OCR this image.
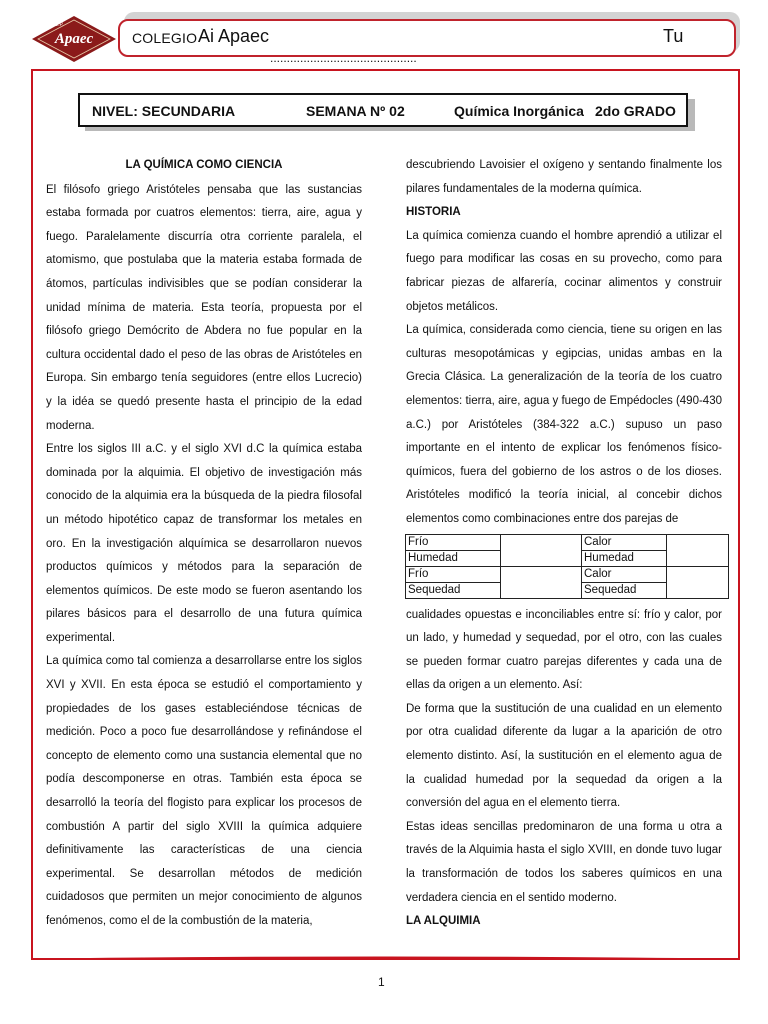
Apaec
I.E.P.
COLEGIO Ai Apaec
............................................
Tu
NIVEL: SECUNDARIA	SEMANA Nº 02	Química Inorgánica 2do GRADO

LA QUÍMICA COMO CIENCIA

El filósofo griego Aristóteles pensaba que las sustancias estaba formada por cuatros elementos: tierra, aire, agua y fuego. Paralelamente discurría otra corriente paralela, el atomismo, que postulaba que la materia estaba formada de átomos, partículas indivisibles que se podían considerar la unidad mínima de materia. Esta teoría, propuesta por el filósofo griego Demócrito de Abdera no fue popular en la cultura occidental dado el peso de las obras de Aristóteles en Europa. Sin embargo tenía seguidores (entre ellos Lucrecio) y la idéa se quedó presente hasta el principio de la edad moderna.

Entre los siglos III a.C. y el siglo XVI d.C la química estaba dominada por la alquimia. El objetivo de investigación más conocido de la alquimia era la búsqueda de la piedra filosofal un método hipotético capaz de transformar los metales en oro. En la investigación alquímica se desarrollaron nuevos productos químicos y métodos para la separación de elementos químicos. De este modo se fueron asentando los pilares básicos para el desarrollo de una futura química experimental.

La química como tal comienza a desarrollarse entre los siglos XVI y XVII. En esta época se estudió el comportamiento y propiedades de los gases estableciéndose técnicas de medición. Poco a poco fue desarrollándose y refinándose el concepto de elemento como una sustancia elemental que no podía descomponerse en otras. También esta época se desarrolló la teoría del flogisto para explicar los procesos de combustión A partir del siglo XVIII la química adquiere definitivamente las características de una ciencia experimental. Se desarrollan métodos de medición cuidadosos que permiten un mejor conocimiento de algunos fenómenos, como el de la combustión de la materia,

descubriendo Lavoisier el oxígeno y sentando finalmente los pilares fundamentales de la moderna química.

HISTORIA

La química comienza cuando el hombre aprendió a utilizar el fuego para modificar las cosas en su provecho, como para fabricar piezas de alfarería, cocinar alimentos y construir objetos metálicos.

La química, considerada como ciencia, tiene su origen en las culturas mesopotámicas y egipcias, unidas ambas en la Grecia Clásica. La generalización de la teoría de los cuatro elementos: tierra, aire, agua y fuego de Empédocles (490-430 a.C.) por Aristóteles (384-322 a.C.) supuso un paso importante en el intento de explicar los fenómenos físico-químicos, fuera del gobierno de los astros o de los dioses. Aristóteles modificó la teoría inicial, al concebir dichos elementos como combinaciones entre dos parejas de

cualidades opuestas e inconciliables entre sí: frío y calor, por un lado, y humedad y sequedad, por el otro, con las cuales se pueden formar cuatro parejas diferentes y cada una de ellas da origen a un elemento. Así:

De forma que la sustitución de una cualidad en un elemento por otra cualidad diferente da lugar a la aparición de otro elemento distinto. Así, la sustitución en el elemento agua de la cualidad humedad por la sequedad da origen a la conversión del agua en el elemento tierra.

Estas ideas sencillas predominaron de una forma u otra a través de la Alquimia hasta el siglo XVIII, en donde tuvo lugar la transformación de todos los saberes químicos en una verdadera ciencia en el sentido moderno.

LA ALQUIMIA

Frío		Calor	
Humedad		Humedad	
Frío		Calor	
Sequedad		Sequedad	
1
